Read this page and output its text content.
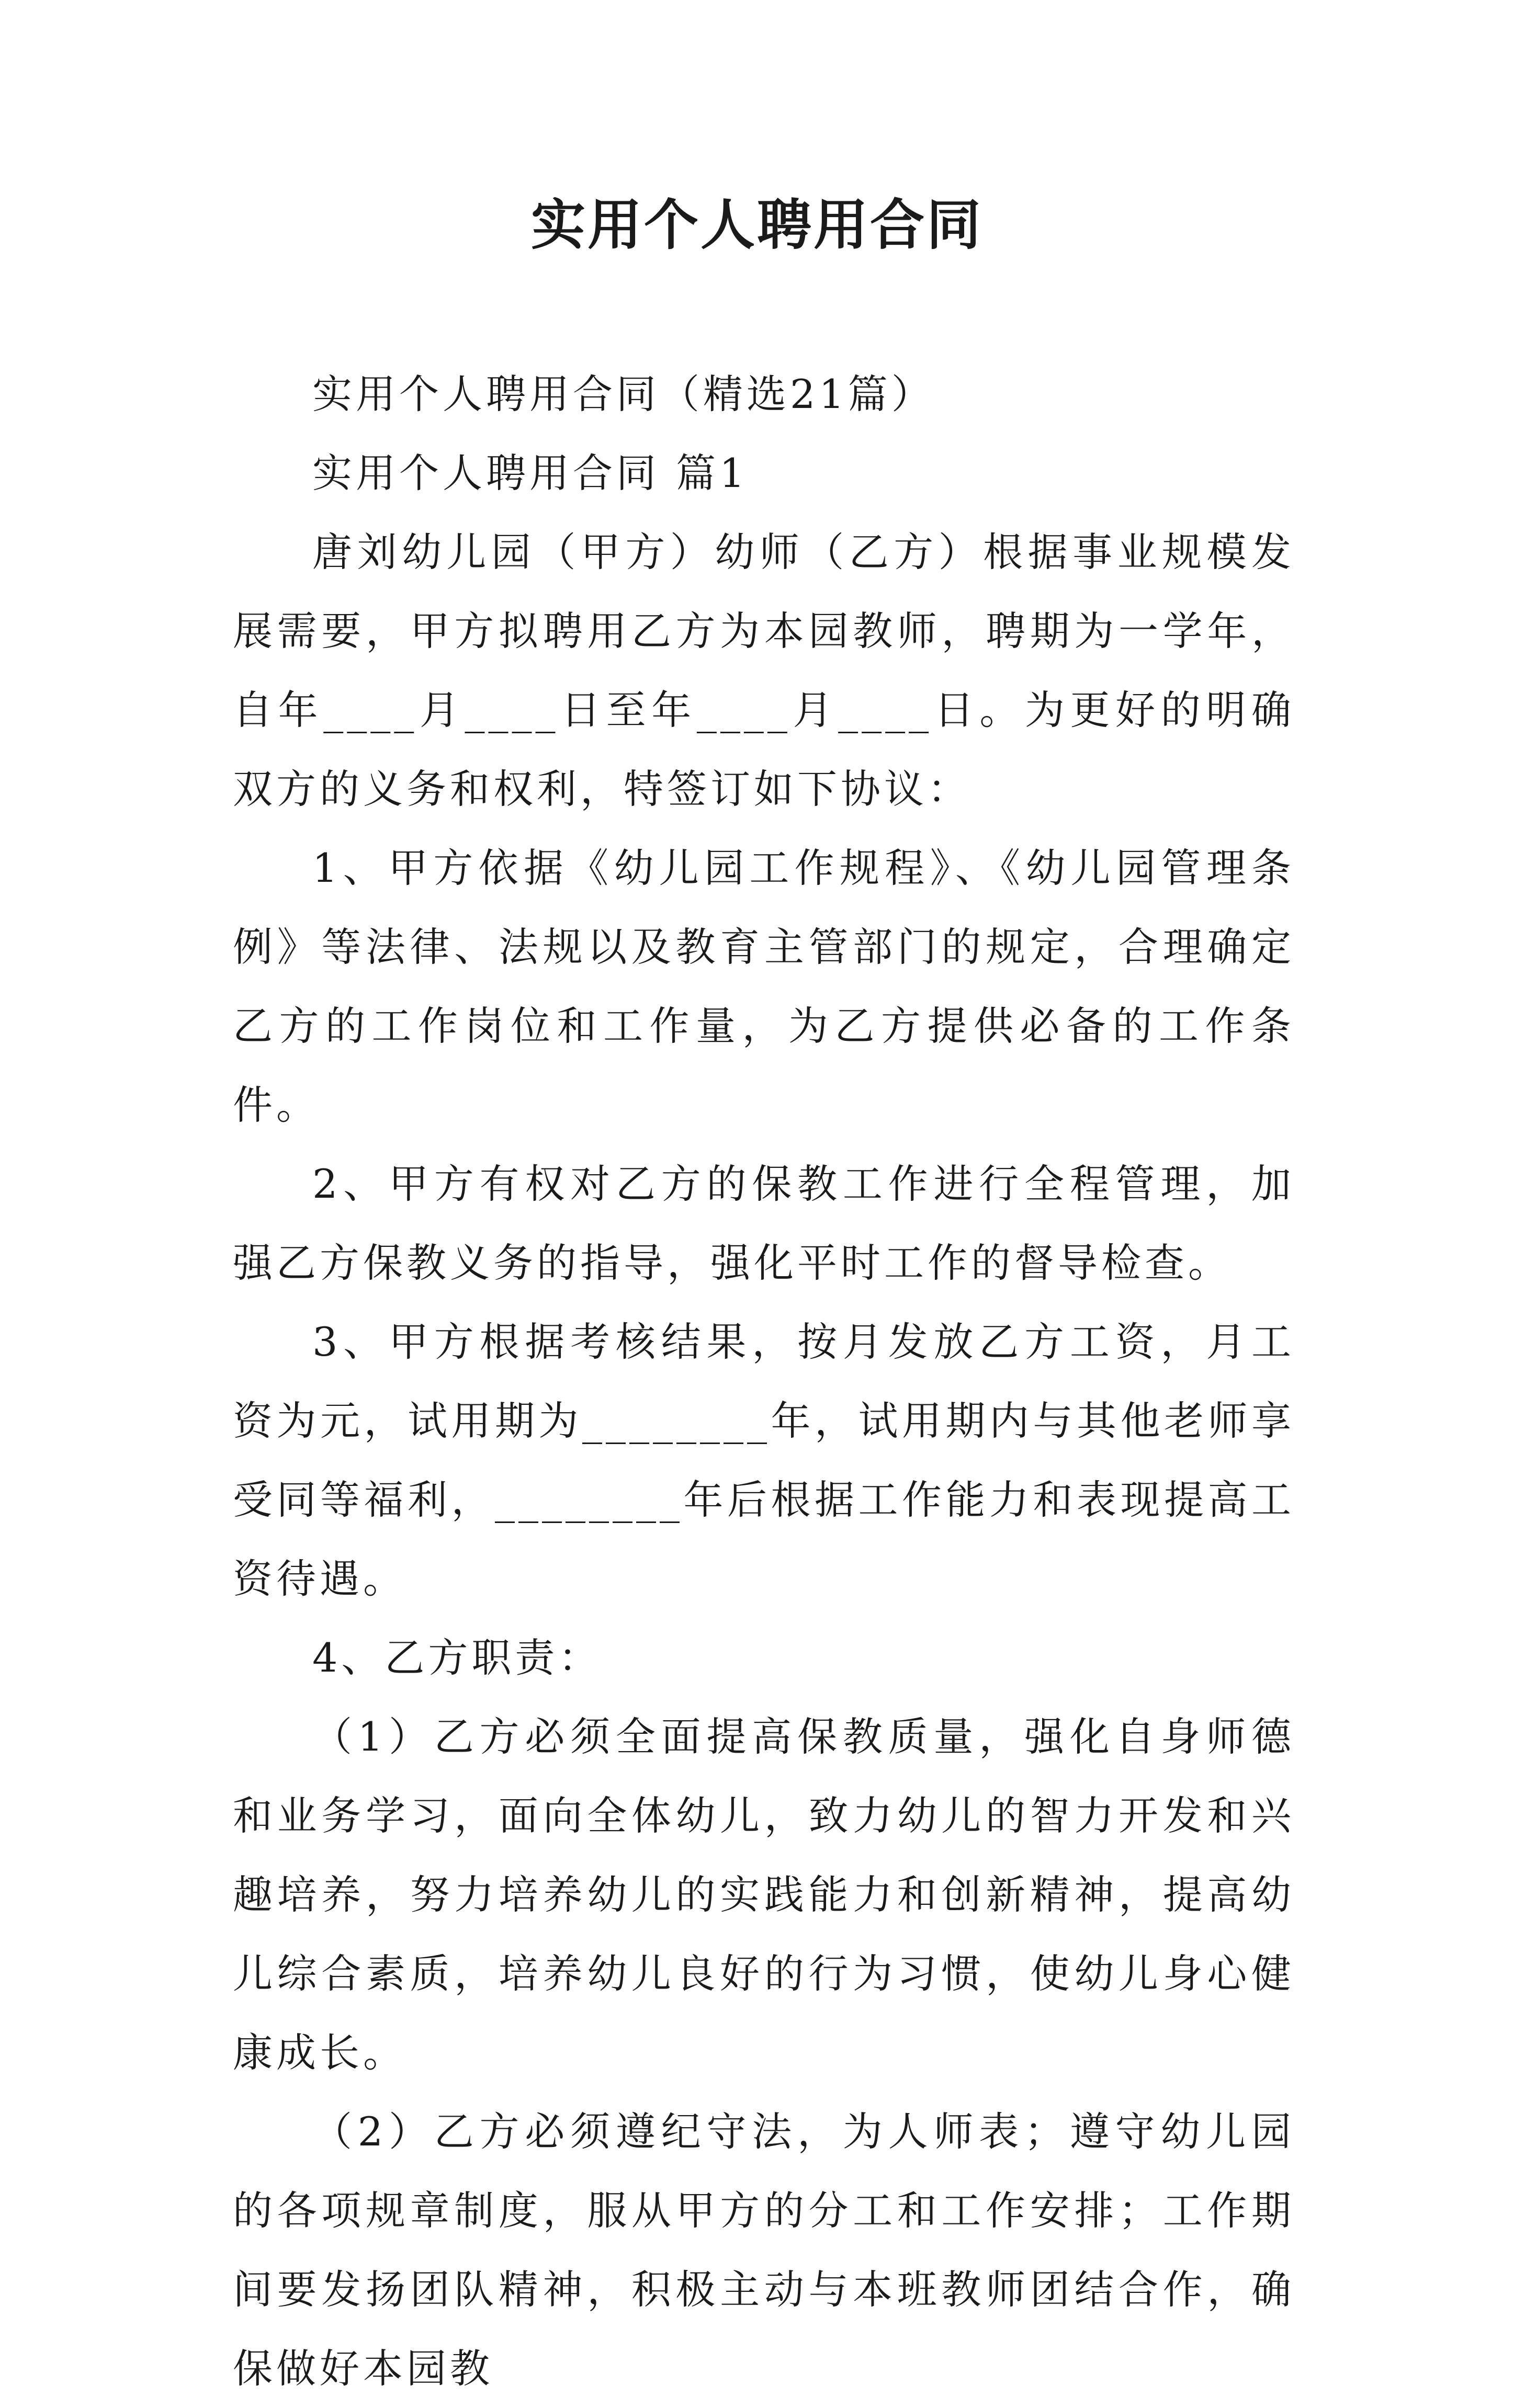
实用个人聘用合同

实用个人聘用合同（精选21篇）

实用个人聘用合同 篇1

唐刘幼儿园（甲方）幼师（乙方）根据事业规模发展需要，甲方拟聘用乙方为本园教师，聘期为一学年，自年____月____日至年____月____日。为更好的明确双方的义务和权利，特签订如下协议：

1、甲方依据《幼儿园工作规程》、《幼儿园管理条例》等法律、法规以及教育主管部门的规定，合理确定乙方的工作岗位和工作量，为乙方提供必备的工作条件。

2、甲方有权对乙方的保教工作进行全程管理，加强乙方保教义务的指导，强化平时工作的督导检查。

3、甲方根据考核结果，按月发放乙方工资，月工资为元，试用期为________年，试用期内与其他老师享受同等福利，________年后根据工作能力和表现提高工资待遇。

4、乙方职责：

（1）乙方必须全面提高保教质量，强化自身师德和业务学习，面向全体幼儿，致力幼儿的智力开发和兴趣培养，努力培养幼儿的实践能力和创新精神，提高幼儿综合素质，培养幼儿良好的行为习惯，使幼儿身心健康成长。

（2）乙方必须遵纪守法，为人师表；遵守幼儿园的各项规章制度，服从甲方的分工和工作安排；工作期间要发扬团队精神，积极主动与本班教师团结合作，确保做好本园教
